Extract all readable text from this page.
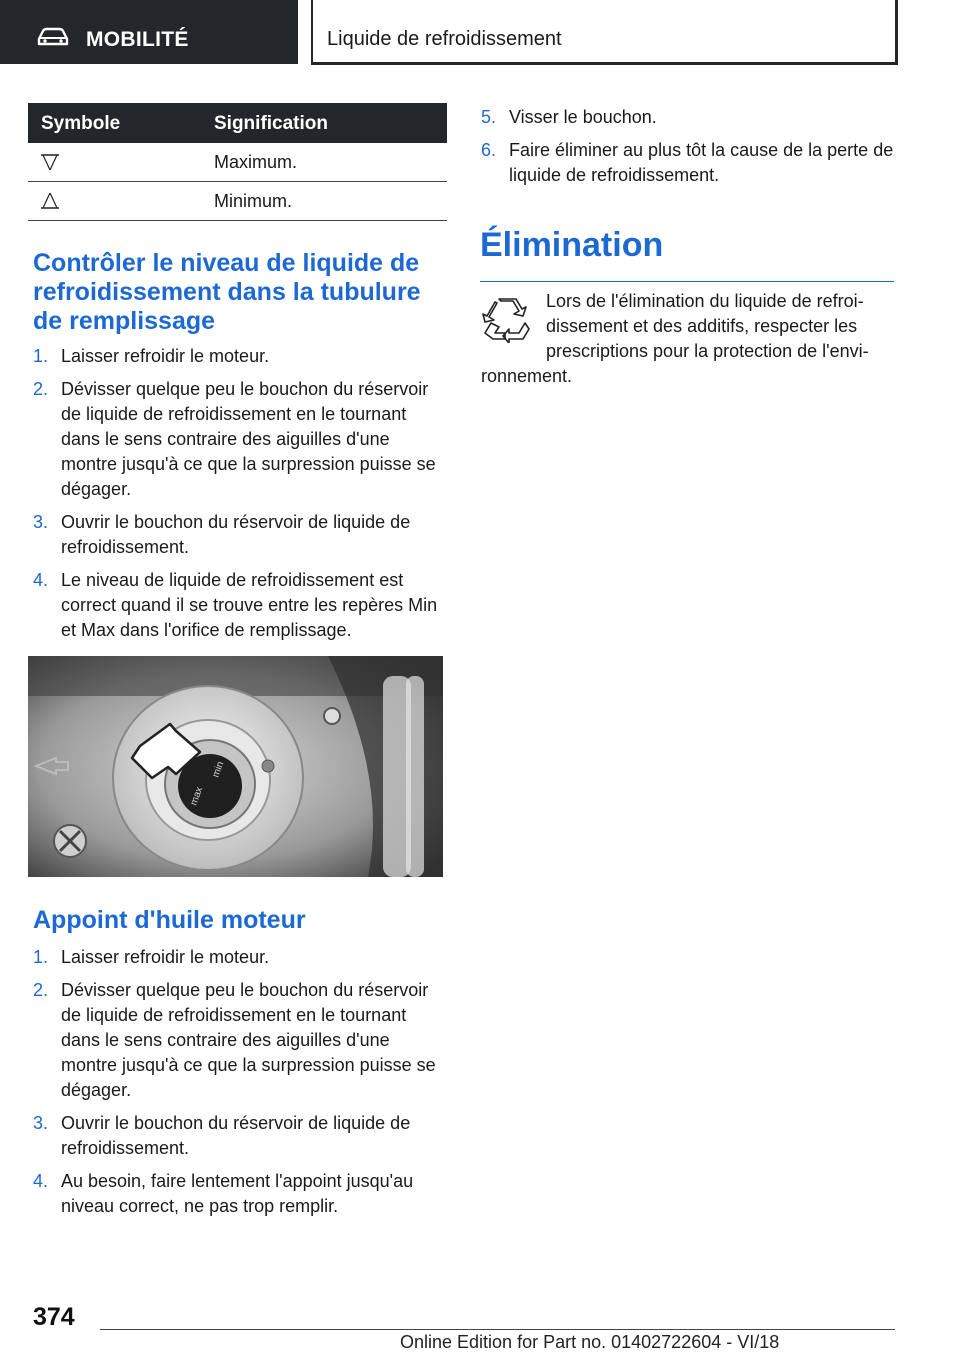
MOBILITÉ	Liquide de refroidissement
Symbole	Signification
Maximum.
Minimum.
Contrôler le niveau de liquide de refroidissement dans la tubulure de remplissage
1. Laisser refroidir le moteur.
2. Dévisser quelque peu le bouchon du réservoir de liquide de refroidissement en le tournant dans le sens contraire des aiguilles d'une montre jusqu'à ce que la surpression puisse se dégager.
3. Ouvrir le bouchon du réservoir de liquide de refroidissement.
4. Le niveau de liquide de refroidissement est correct quand il se trouve entre les repères Min et Max dans l'orifice de remplissage.
max
min
Appoint d'huile moteur
1. Laisser refroidir le moteur.
2. Dévisser quelque peu le bouchon du réservoir de liquide de refroidissement en le tournant dans le sens contraire des aiguilles d'une montre jusqu'à ce que la surpression puisse se dégager.
3. Ouvrir le bouchon du réservoir de liquide de refroidissement.
4. Au besoin, faire lentement l'appoint jusqu'au niveau correct, ne pas trop remplir.
5. Visser le bouchon.
6. Faire éliminer au plus tôt la cause de la perte de liquide de refroidissement.
Élimination
Lors de l'élimination du liquide de refroidissement et des additifs, respecter les prescriptions pour la protection de l'environnement.
374
Online Edition for Part no. 01402722604 - VI/18
